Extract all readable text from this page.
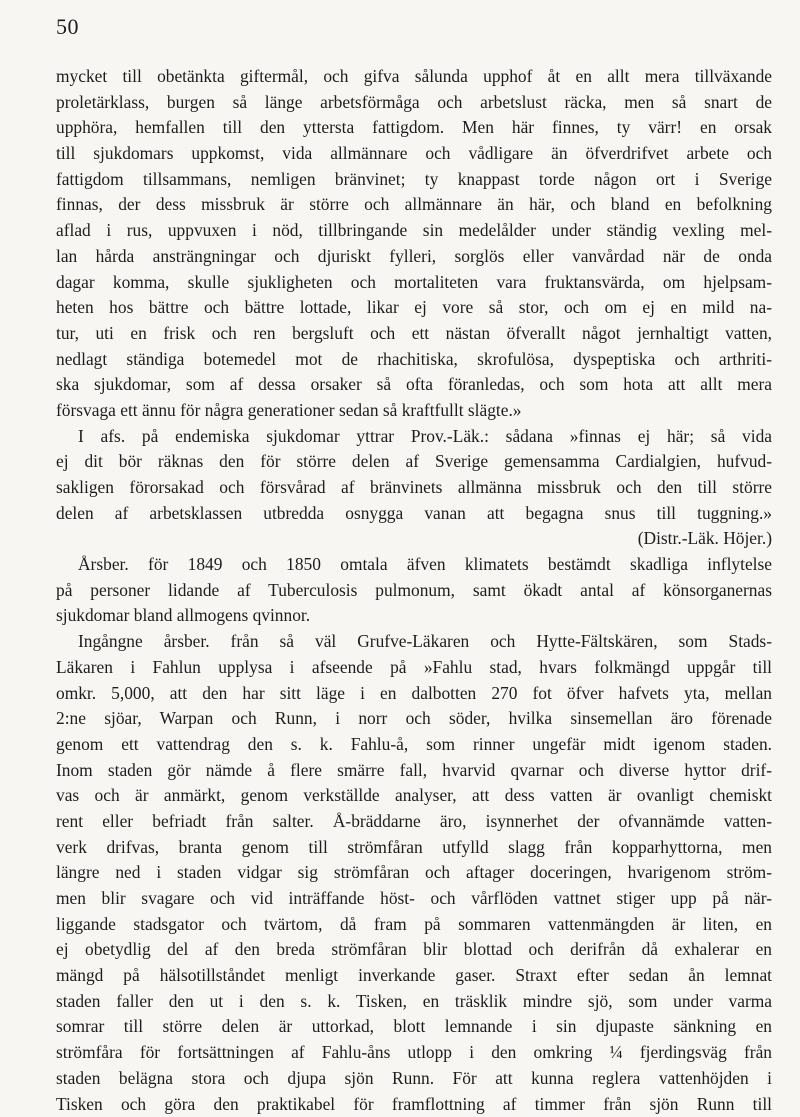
50
mycket till obetänkta giftermål, och gifva sålunda upphof åt en allt mera tillväxande
proletärklass, burgen så länge arbetsförmåga och arbetslust räcka, men så snart de
upphöra, hemfallen till den yttersta fattigdom. Men här finnes, ty värr! en orsak
till sjukdomars uppkomst, vida allmännare och vådligare än öfverdrifvet arbete och
fattigdom tillsammans, nemligen bränvinet; ty knappast torde någon ort i Sverige
finnas, der dess missbruk är större och allmännare än här, och bland en befolkning
aflad i rus, uppvuxen i nöd, tillbringande sin medelålder under ständig vexling mel-
lan hårda ansträngningar och djuriskt fylleri, sorglös eller vanvårdad när de onda
dagar komma, skulle sjukligheten och mortaliteten vara fruktansvärda, om hjelpsam-
heten hos bättre och bättre lottade, likar ej vore så stor, och om ej en mild na-
tur, uti en frisk och ren bergsluft och ett nästan öfverallt något jernhaltigt vatten,
nedlagt ständiga botemedel mot de rhachitiska, skrofulösa, dyspeptiska och arthriti-
ska sjukdomar, som af dessa orsaker så ofta föranledas, och som hota att allt mera
försvaga ett ännu för några generationer sedan så kraftfullt slägte.»
I afs. på endemiska sjukdomar yttrar Prov.-Läk.: sådana »finnas ej här; så vida
ej dit bör räknas den för större delen af Sverige gemensamma Cardialgien, hufvud-
sakligen förorsakad och försvårad af bränvinets allmänna missbruk och den till större
delen af arbetsklassen utbredda osnygga vanan att begagna snus till tuggning.»
(Distr.-Läk. Höjer.)
Årsber. för 1849 och 1850 omtala äfven klimatets bestämdt skadliga inflytelse
på personer lidande af Tuberculosis pulmonum, samt ökadt antal af könsorganernas
sjukdomar bland allmogens qvinnor.
Ingångne årsber. från så väl Grufve-Läkaren och Hytte-Fältskären, som Stads-
Läkaren i Fahlun upplysa i afseende på »Fahlu stad, hvars folkmängd uppgår till
omkr. 5,000, att den har sitt läge i en dalbotten 270 fot öfver hafvets yta, mellan
2:ne sjöar, Warpan och Runn, i norr och söder, hvilka sinsemellan äro förenade
genom ett vattendrag den s. k. Fahlu-å, som rinner ungefär midt igenom staden.
Inom staden gör nämde å flere smärre fall, hvarvid qvarnar och diverse hyttor drif-
vas och är anmärkt, genom verkställde analyser, att dess vatten är ovanligt chemiskt
rent eller befriadt från salter. Å-bräddarne äro, isynnerhet der ofvannämde vatten-
verk drifvas, branta genom till strömfåran utfylld slagg från kopparhyttorna, men
längre ned i staden vidgar sig strömfåran och aftager doceringen, hvarigenom ström-
men blir svagare och vid inträffande höst- och vårflöden vattnet stiger upp på när-
liggande stadsgator och tvärtom, då fram på sommaren vattenmängden är liten, en
ej obetydlig del af den breda strömfåran blir blottad och derifrån då exhalerar en
mängd på hälsotillståndet menligt inverkande gaser. Straxt efter sedan ån lemnat
staden faller den ut i den s. k. Tisken, en träsklik mindre sjö, som under varma
somrar till större delen är uttorkad, blott lemnande i sin djupaste sänkning en
strömfåra för fortsättningen af Fahlu-åns utlopp i den omkring ¼ fjerdingsväg från
staden belägna stora och djupa sjön Runn. För att kunna reglera vattenhöjden i
Tisken och göra den praktikabel för framflottning af timmer från sjön Runn till
